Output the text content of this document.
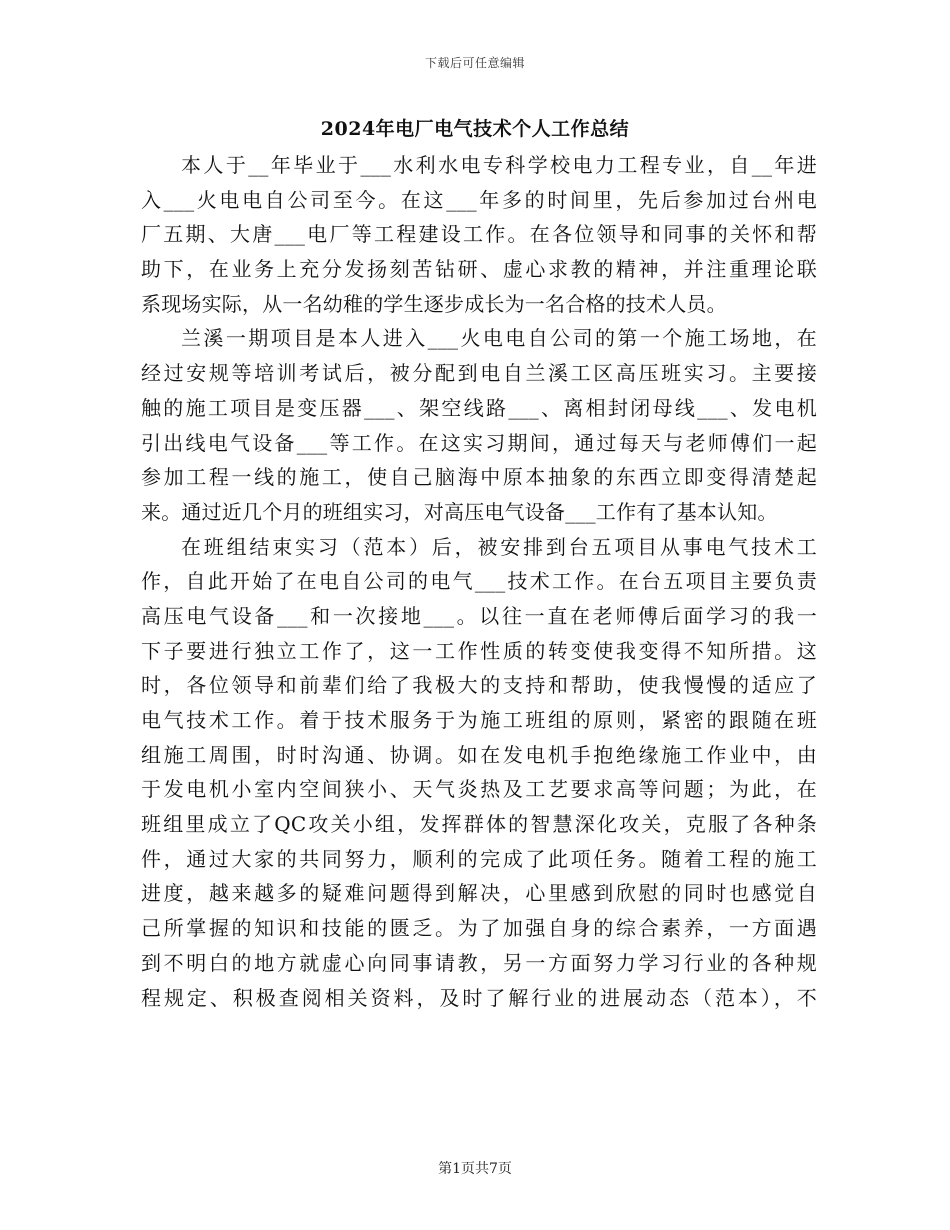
下载后可任意编辑
2024年电厂电气技术个人工作总结
本人于__年毕业于___水利水电专科学校电力工程专业，自__年进
入___火电电自公司至今。在这___年多的时间里，先后参加过台州电
厂五期、大唐___电厂等工程建设工作。在各位领导和同事的关怀和帮
助下，在业务上充分发扬刻苦钻研、虚心求教的精神，并注重理论联
系现场实际，从一名幼稚的学生逐步成长为一名合格的技术人员。
兰溪一期项目是本人进入___火电电自公司的第一个施工场地，在
经过安规等培训考试后，被分配到电自兰溪工区高压班实习。主要接
触的施工项目是变压器___、架空线路___、离相封闭母线___、发电机
引出线电气设备___等工作。在这实习期间，通过每天与老师傅们一起
参加工程一线的施工，使自己脑海中原本抽象的东西立即变得清楚起
来。通过近几个月的班组实习，对高压电气设备___工作有了基本认知。
在班组结束实习（范本）后，被安排到台五项目从事电气技术工
作，自此开始了在电自公司的电气___技术工作。在台五项目主要负责
高压电气设备___和一次接地___。以往一直在老师傅后面学习的我一
下子要进行独立工作了，这一工作性质的转变使我变得不知所措。这
时，各位领导和前辈们给了我极大的支持和帮助，使我慢慢的适应了
电气技术工作。着于技术服务于为施工班组的原则，紧密的跟随在班
组施工周围，时时沟通、协调。如在发电机手抱绝缘施工作业中，由
于发电机小室内空间狭小、天气炎热及工艺要求高等问题；为此，在
班组里成立了QC攻关小组，发挥群体的智慧深化攻关，克服了各种条
件，通过大家的共同努力，顺利的完成了此项任务。随着工程的施工
进度，越来越多的疑难问题得到解决，心里感到欣慰的同时也感觉自
己所掌握的知识和技能的匮乏。为了加强自身的综合素养，一方面遇
到不明白的地方就虚心向同事请教，另一方面努力学习行业的各种规
程规定、积极查阅相关资料，及时了解行业的进展动态（范本），不
第1页共7页
